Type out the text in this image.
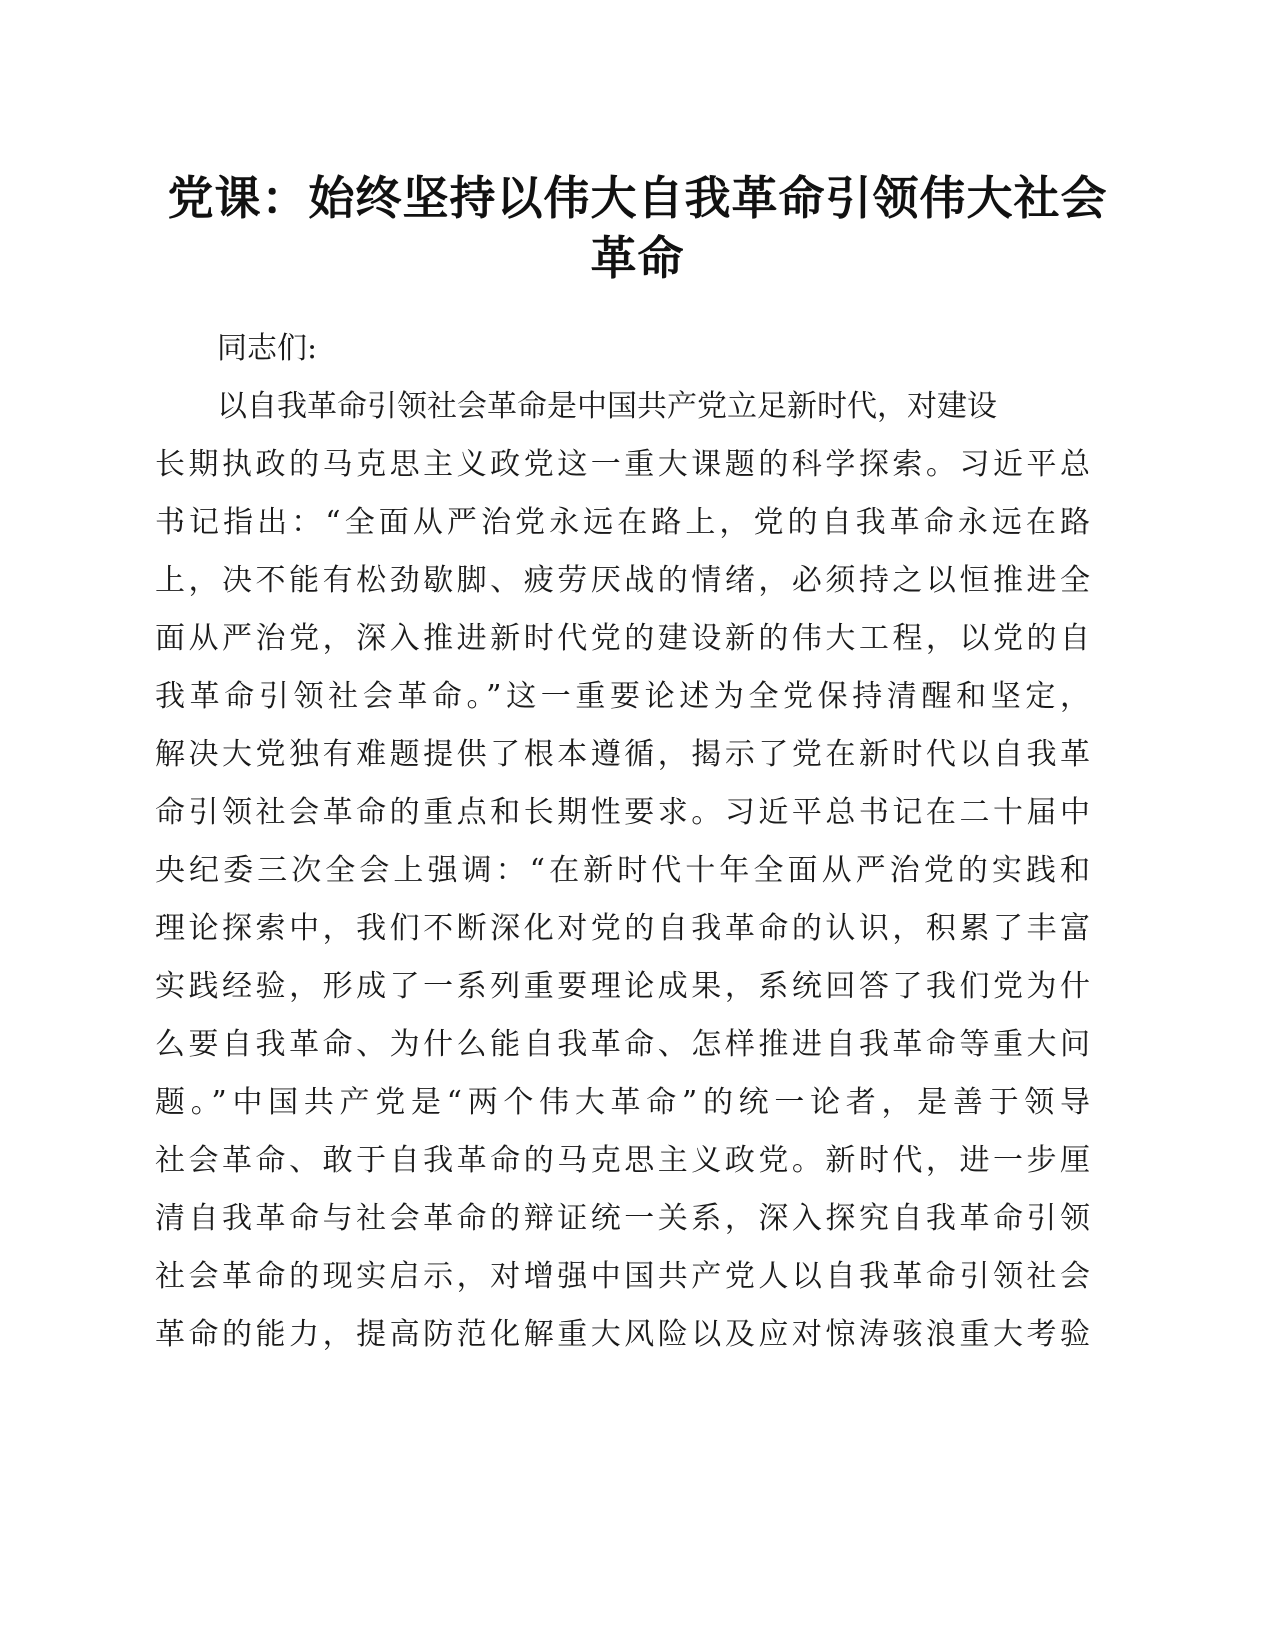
党课：始终坚持以伟大自我革命引领伟大社会
革命
同志们:
以自我革命引领社会革命是中国共产党立足新时代，对建设
长期执政的马克思主义政党这一重大课题的科学探索。习近平总
书记指出：“全面从严治党永远在路上，党的自我革命永远在路
上，决不能有松劲歇脚、疲劳厌战的情绪，必须持之以恒推进全
面从严治党，深入推进新时代党的建设新的伟大工程，以党的自
我革命引领社会革命。”这一重要论述为全党保持清醒和坚定，
解决大党独有难题提供了根本遵循，揭示了党在新时代以自我革
命引领社会革命的重点和长期性要求。习近平总书记在二十届中
央纪委三次全会上强调：“在新时代十年全面从严治党的实践和
理论探索中，我们不断深化对党的自我革命的认识，积累了丰富
实践经验，形成了一系列重要理论成果，系统回答了我们党为什
么要自我革命、为什么能自我革命、怎样推进自我革命等重大问
题。”中国共产党是“两个伟大革命”的统一论者，是善于领导
社会革命、敢于自我革命的马克思主义政党。新时代，进一步厘
清自我革命与社会革命的辩证统一关系，深入探究自我革命引领
社会革命的现实启示，对增强中国共产党人以自我革命引领社会
革命的能力，提高防范化解重大风险以及应对惊涛骇浪重大考验
